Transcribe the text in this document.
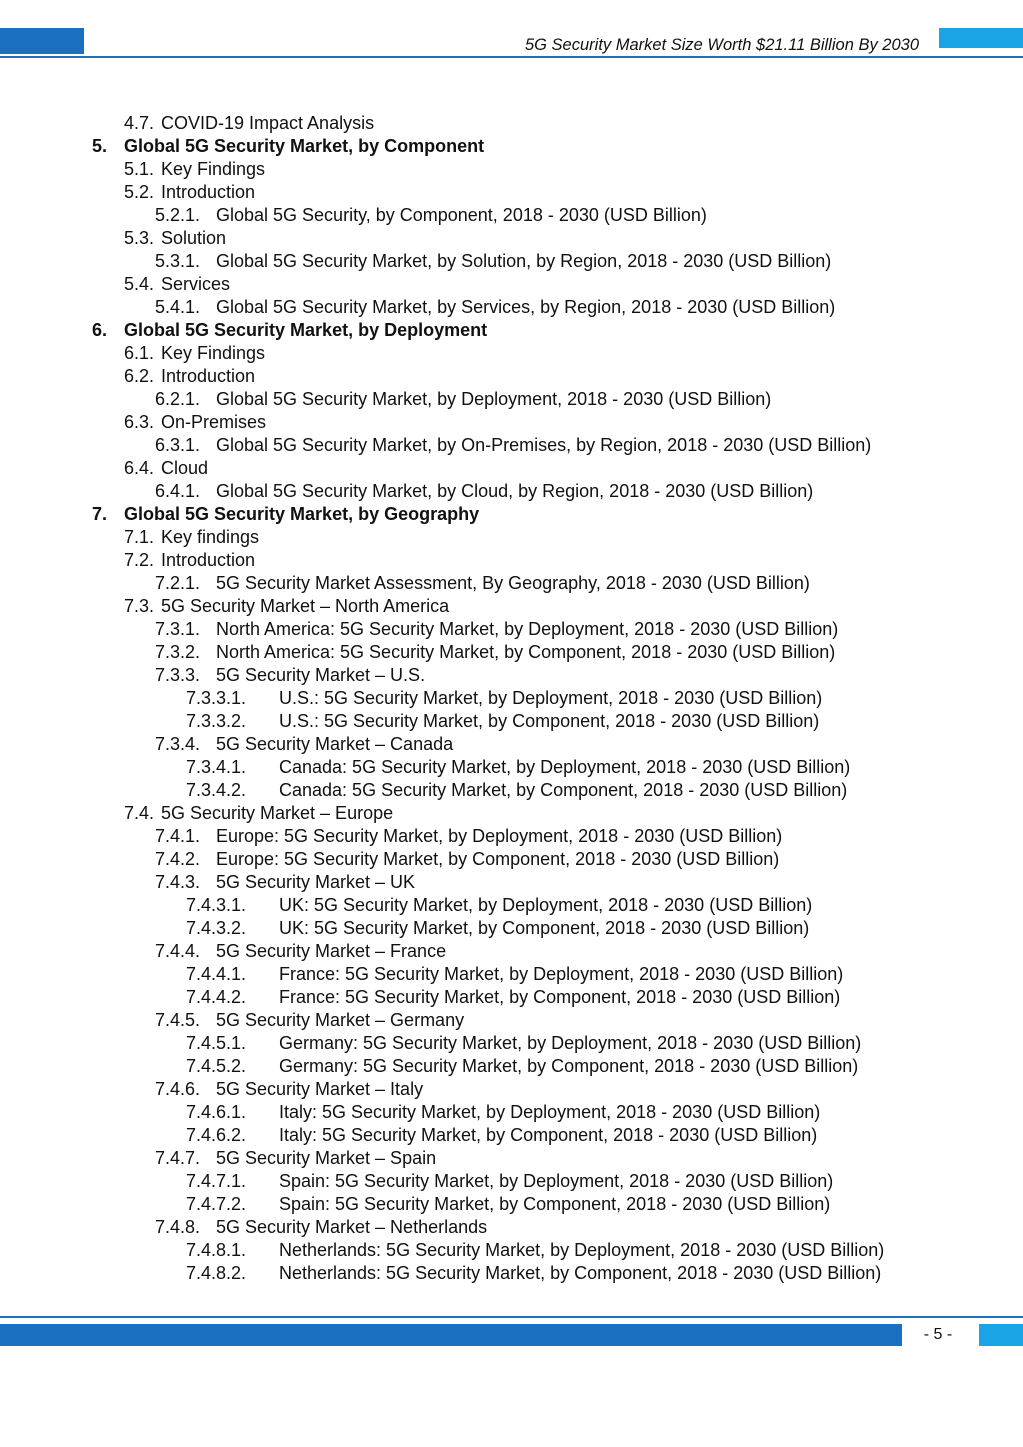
5G Security Market Size Worth $21.11 Billion By 2030
4.7. COVID-19 Impact Analysis
5. Global 5G Security Market, by Component
5.1. Key Findings
5.2. Introduction
5.2.1. Global 5G Security, by Component, 2018 - 2030 (USD Billion)
5.3. Solution
5.3.1. Global 5G Security Market, by Solution, by Region, 2018 - 2030 (USD Billion)
5.4. Services
5.4.1. Global 5G Security Market, by Services, by Region, 2018 - 2030 (USD Billion)
6. Global 5G Security Market, by Deployment
6.1. Key Findings
6.2. Introduction
6.2.1. Global 5G Security Market, by Deployment, 2018 - 2030 (USD Billion)
6.3. On-Premises
6.3.1. Global 5G Security Market, by On-Premises, by Region, 2018 - 2030 (USD Billion)
6.4. Cloud
6.4.1. Global 5G Security Market, by Cloud, by Region, 2018 - 2030 (USD Billion)
7. Global 5G Security Market, by Geography
7.1. Key findings
7.2. Introduction
7.2.1. 5G Security Market Assessment, By Geography, 2018 - 2030 (USD Billion)
7.3. 5G Security Market – North America
7.3.1. North America: 5G Security Market, by Deployment, 2018 - 2030 (USD Billion)
7.3.2. North America: 5G Security Market, by Component, 2018 - 2030 (USD Billion)
7.3.3. 5G Security Market – U.S.
7.3.3.1. U.S.: 5G Security Market, by Deployment, 2018 - 2030 (USD Billion)
7.3.3.2. U.S.: 5G Security Market, by Component, 2018 - 2030 (USD Billion)
7.3.4. 5G Security Market – Canada
7.3.4.1. Canada: 5G Security Market, by Deployment, 2018 - 2030 (USD Billion)
7.3.4.2. Canada: 5G Security Market, by Component, 2018 - 2030 (USD Billion)
7.4. 5G Security Market – Europe
7.4.1. Europe: 5G Security Market, by Deployment, 2018 - 2030 (USD Billion)
7.4.2. Europe: 5G Security Market, by Component, 2018 - 2030 (USD Billion)
7.4.3. 5G Security Market – UK
7.4.3.1. UK: 5G Security Market, by Deployment, 2018 - 2030 (USD Billion)
7.4.3.2. UK: 5G Security Market, by Component, 2018 - 2030 (USD Billion)
7.4.4. 5G Security Market – France
7.4.4.1. France: 5G Security Market, by Deployment, 2018 - 2030 (USD Billion)
7.4.4.2. France: 5G Security Market, by Component, 2018 - 2030 (USD Billion)
7.4.5. 5G Security Market – Germany
7.4.5.1. Germany: 5G Security Market, by Deployment, 2018 - 2030 (USD Billion)
7.4.5.2. Germany: 5G Security Market, by Component, 2018 - 2030 (USD Billion)
7.4.6. 5G Security Market – Italy
7.4.6.1. Italy: 5G Security Market, by Deployment, 2018 - 2030 (USD Billion)
7.4.6.2. Italy: 5G Security Market, by Component, 2018 - 2030 (USD Billion)
7.4.7. 5G Security Market – Spain
7.4.7.1. Spain: 5G Security Market, by Deployment, 2018 - 2030 (USD Billion)
7.4.7.2. Spain: 5G Security Market, by Component, 2018 - 2030 (USD Billion)
7.4.8. 5G Security Market – Netherlands
7.4.8.1. Netherlands: 5G Security Market, by Deployment, 2018 - 2030 (USD Billion)
7.4.8.2. Netherlands: 5G Security Market, by Component, 2018 - 2030 (USD Billion)
- 5 -
